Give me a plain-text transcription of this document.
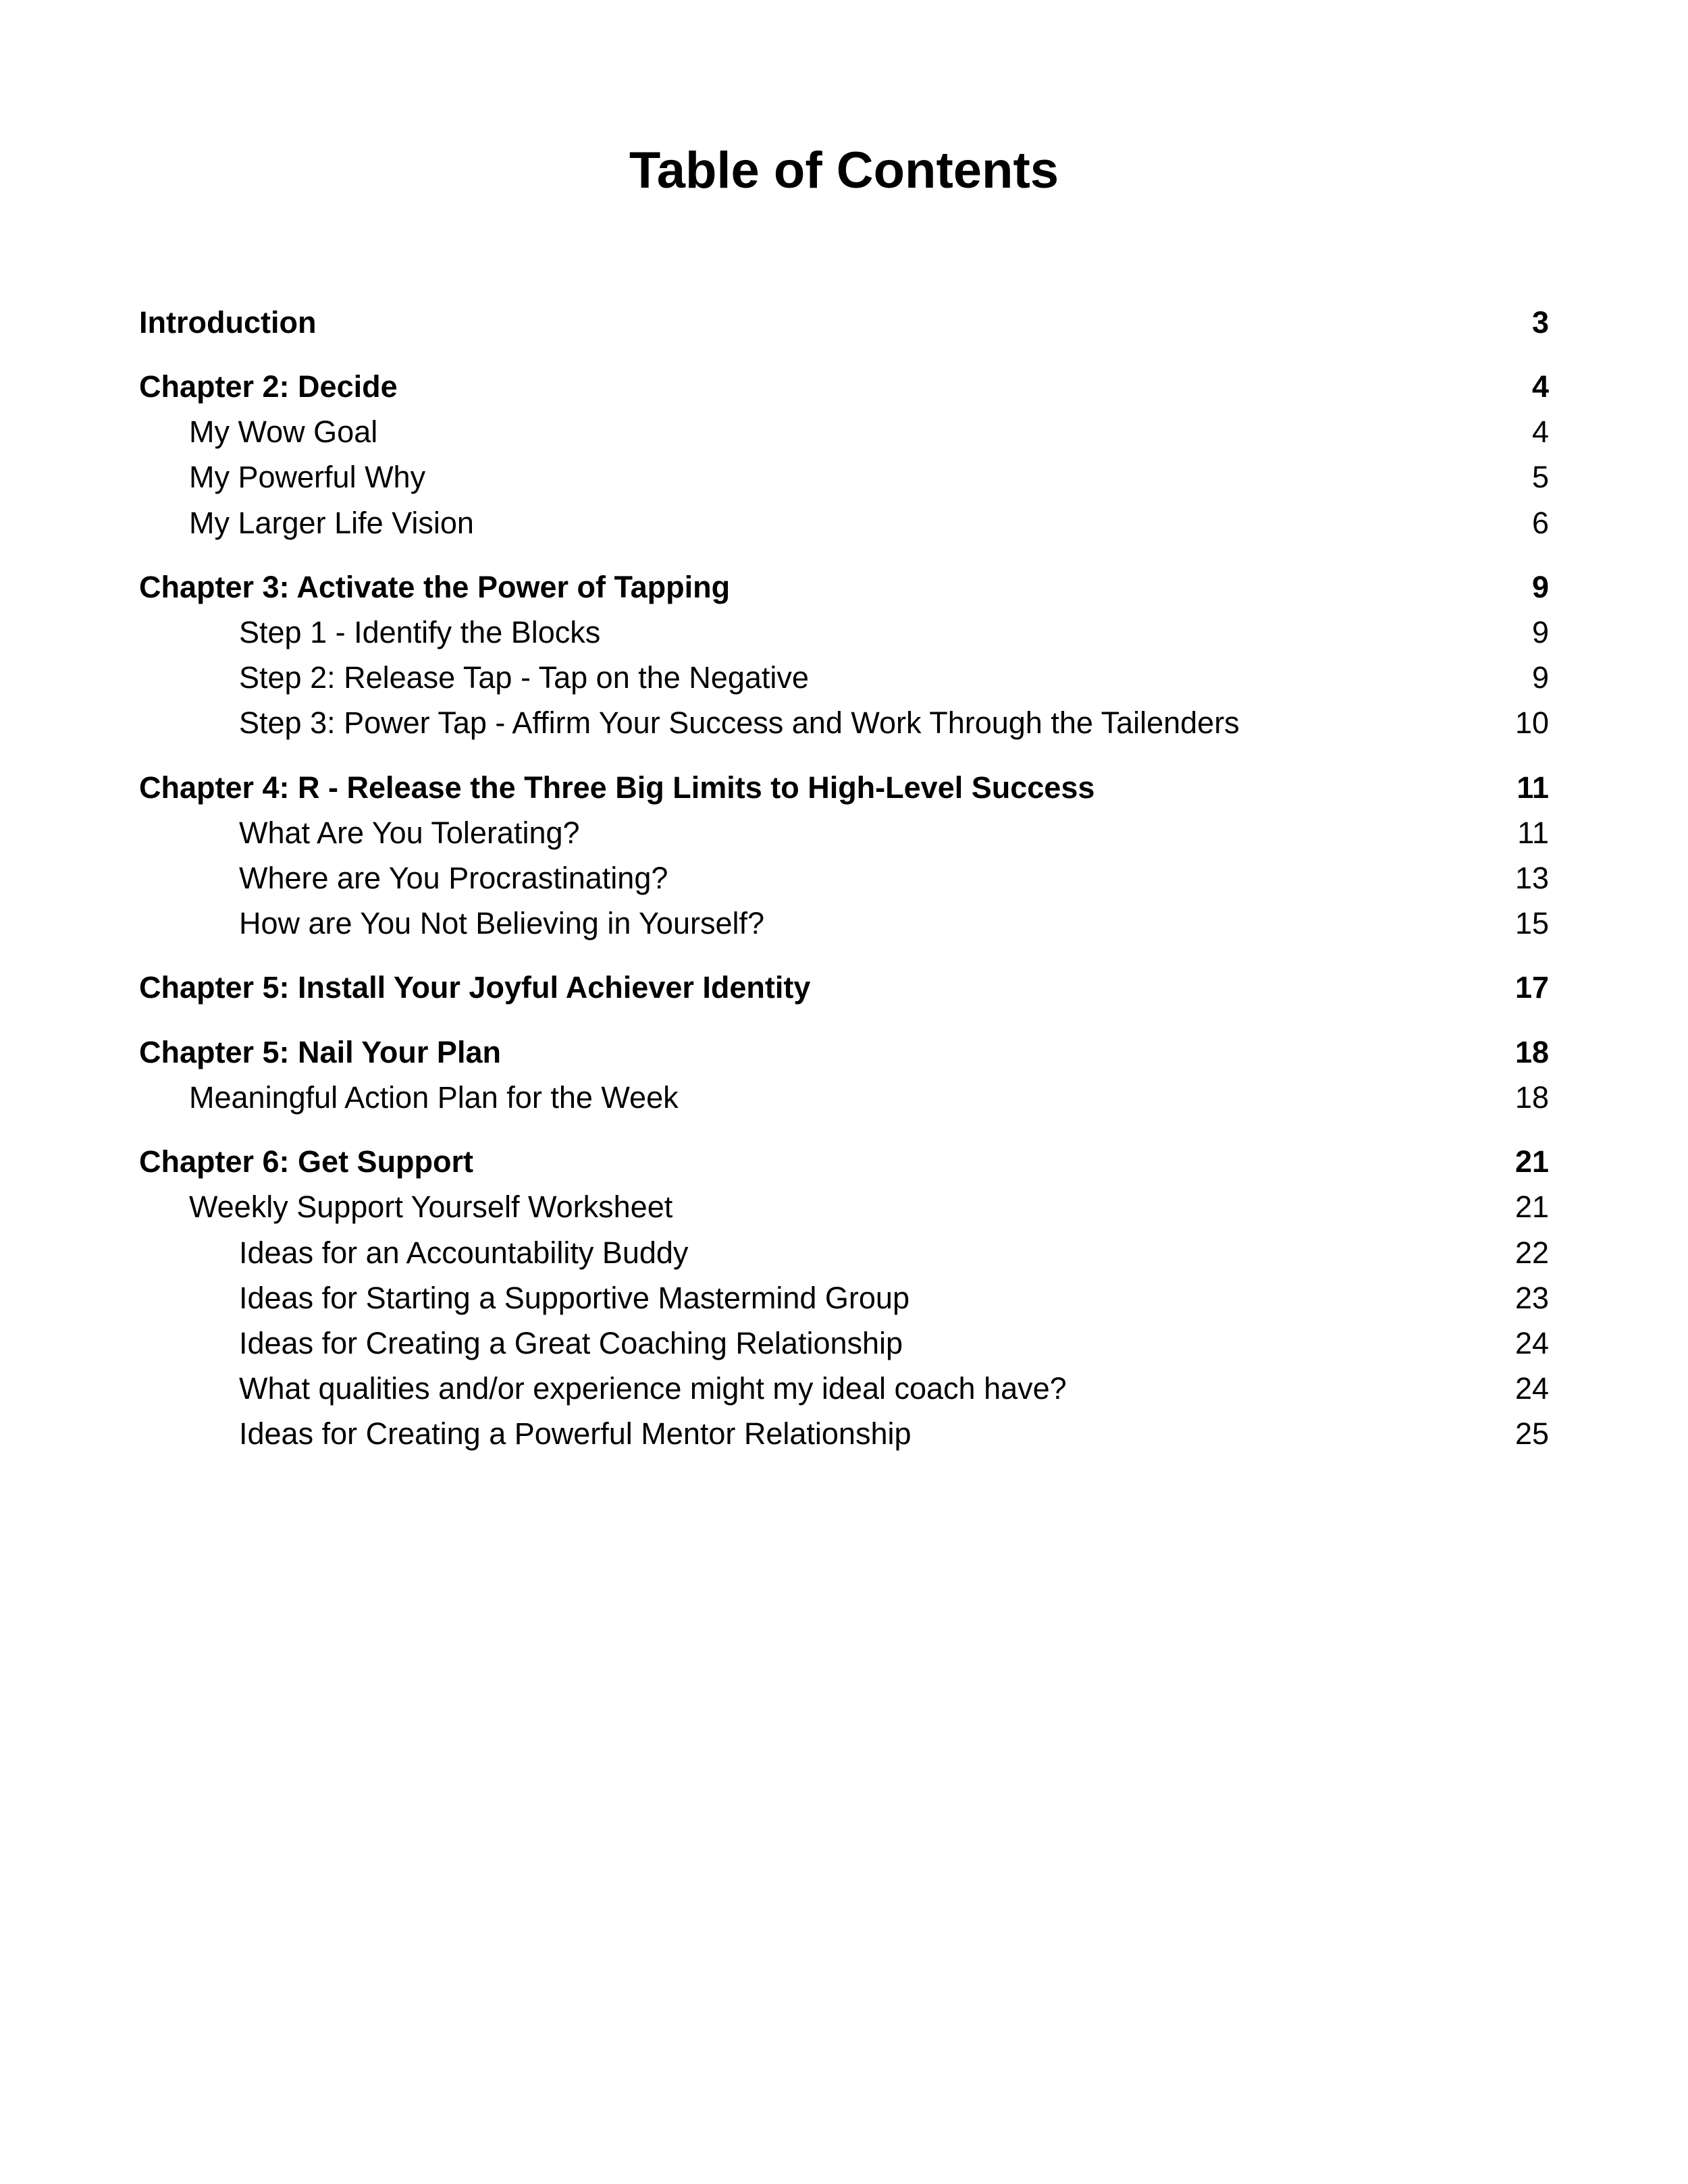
Table of Contents
Introduction	3
Chapter 2: Decide	4
My Wow Goal	4
My Powerful Why	5
My Larger Life Vision	6
Chapter 3: Activate the Power of Tapping	9
Step 1 - Identify the Blocks	9
Step 2: Release Tap - Tap on the Negative	9
Step 3: Power Tap - Affirm Your Success and Work Through the Tailenders	10
Chapter 4: R - Release the Three Big Limits to High-Level Success	11
What Are You Tolerating?	11
Where are You Procrastinating?	13
How are You Not Believing in Yourself?	15
Chapter 5: Install Your Joyful Achiever Identity	17
Chapter 5: Nail Your Plan	18
Meaningful Action Plan for the Week	18
Chapter 6: Get Support	21
Weekly Support Yourself Worksheet	21
Ideas for an Accountability Buddy	22
Ideas for Starting a Supportive Mastermind Group	23
Ideas for Creating a Great Coaching Relationship	24
What qualities and/or experience might my ideal coach have?	24
Ideas for Creating a Powerful Mentor Relationship	25
